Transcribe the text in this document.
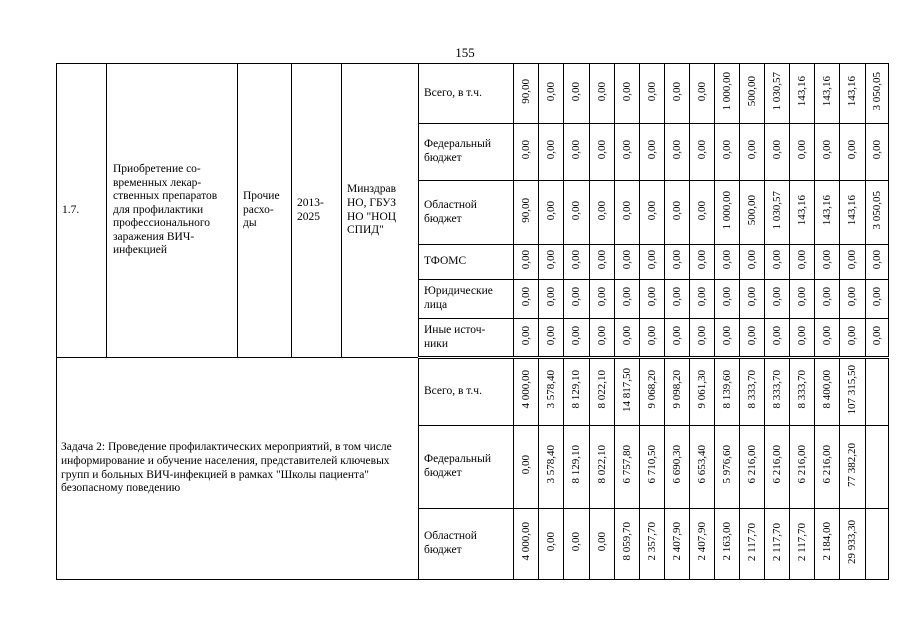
155
1.7.	Приобретение со-временных лекар-ственных препаратов для профилактики профессионального заражения ВИЧ-инфекцией	Прочие расхо-ды	2013-2025	Минздрав НО, ГБУЗ НО "НОЦ СПИД"	Всего, в т.ч.	90,00	0,00	0,00	0,00	0,00	0,00	0,00	0,00	1 000,00	500,00	1 030,57	143,16	143,16	143,16	3 050,05
					Федеральный бюджет	0,00	0,00	0,00	0,00	0,00	0,00	0,00	0,00	0,00	0,00	0,00	0,00	0,00	0,00	0,00
					Областной бюджет	90,00	0,00	0,00	0,00	0,00	0,00	0,00	0,00	1 000,00	500,00	1 030,57	143,16	143,16	143,16	3 050,05
					ТФОМС	0,00	0,00	0,00	0,00	0,00	0,00	0,00	0,00	0,00	0,00	0,00	0,00	0,00	0,00	0,00
					Юридические лица	0,00	0,00	0,00	0,00	0,00	0,00	0,00	0,00	0,00	0,00	0,00	0,00	0,00	0,00	0,00
					Иные источ-ники	0,00	0,00	0,00	0,00	0,00	0,00	0,00	0,00	0,00	0,00	0,00	0,00	0,00	0,00	0,00
Задача 2: Проведение профилактических мероприятий, в том числе информирование и обучение населения, представителей ключевых групп и больных ВИЧ-инфекцией в рамках "Школы пациента" безопасному поведению					Всего, в т.ч.	4 000,00	3 578,40	8 129,10	8 022,10	14 817,50	9 068,20	9 098,20	9 061,30	8 139,60	8 333,70	8 333,70	8 333,70	8 400,00	107 315,50	
					Федеральный бюджет	0,00	3 578,40	8 129,10	8 022,10	6 757,80	6 710,50	6 690,30	6 653,40	5 976,60	6 216,00	6 216,00	6 216,00	6 216,00	77 382,20	
					Областной бюджет	4 000,00	0,00	0,00	0,00	8 059,70	2 357,70	2 407,90	2 407,90	2 163,00	2 117,70	2 117,70	2 117,70	2 184,00	29 933,30	
